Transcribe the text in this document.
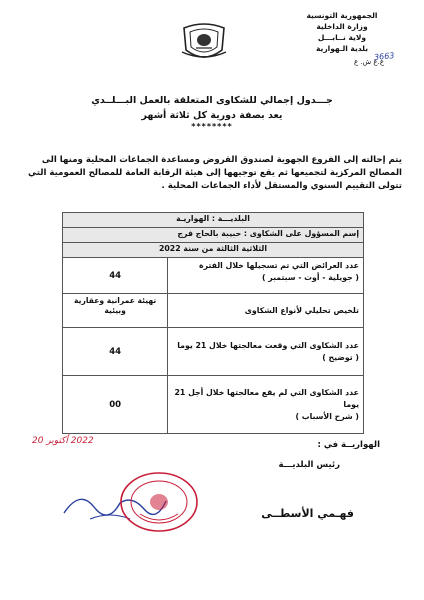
الجمهورية التونسية
وزارة الداخلية
ولاية نــابـــل
بلدية الـهوارية
ع.ع ش. ع
3663
جـــدول إجمالي للشكاوى المتعلقة بالعمل البـــلــدي
يعد بصفة دورية كل ثلاثة أشهر
********
يتم إحالته إلى الفروع الجهوية لصندوق القروض ومساعدة الجماعات المحلية ومنها الى المصالح المركزية لتجميعها ثم يقع توجيهها إلى هيئة الرقابة العامة للمصالح العمومية التي تتولى التقييم السنوي والمستقل لأداء الجماعات المحلية .
البلديـــة : الهواريـة	
إسم المسؤول على الشكاوى : حبيبة بالحاج فرج	
الثلاثية الثالثة من سنة 2022	

عدد العرائض التي تم تسجيلها خلال الفترة
( جويلية - أوت - سبتمبر )	44

تلخيص تحليلي لأنواع الشكاوى	تهيئة عمرانية وعقارية وبيئية

عدد الشكاوى التي وقعت معالجتها خلال 21 يوما
( توضيح )	44

عدد الشكاوى التي لم يقع معالجتها خلال أجل 21 يوما
( شرح الأسباب )	00
الهواريــة في :
2022 أكتوبر 20
رئيس البلديـــة
فهـمي الأسطــى
